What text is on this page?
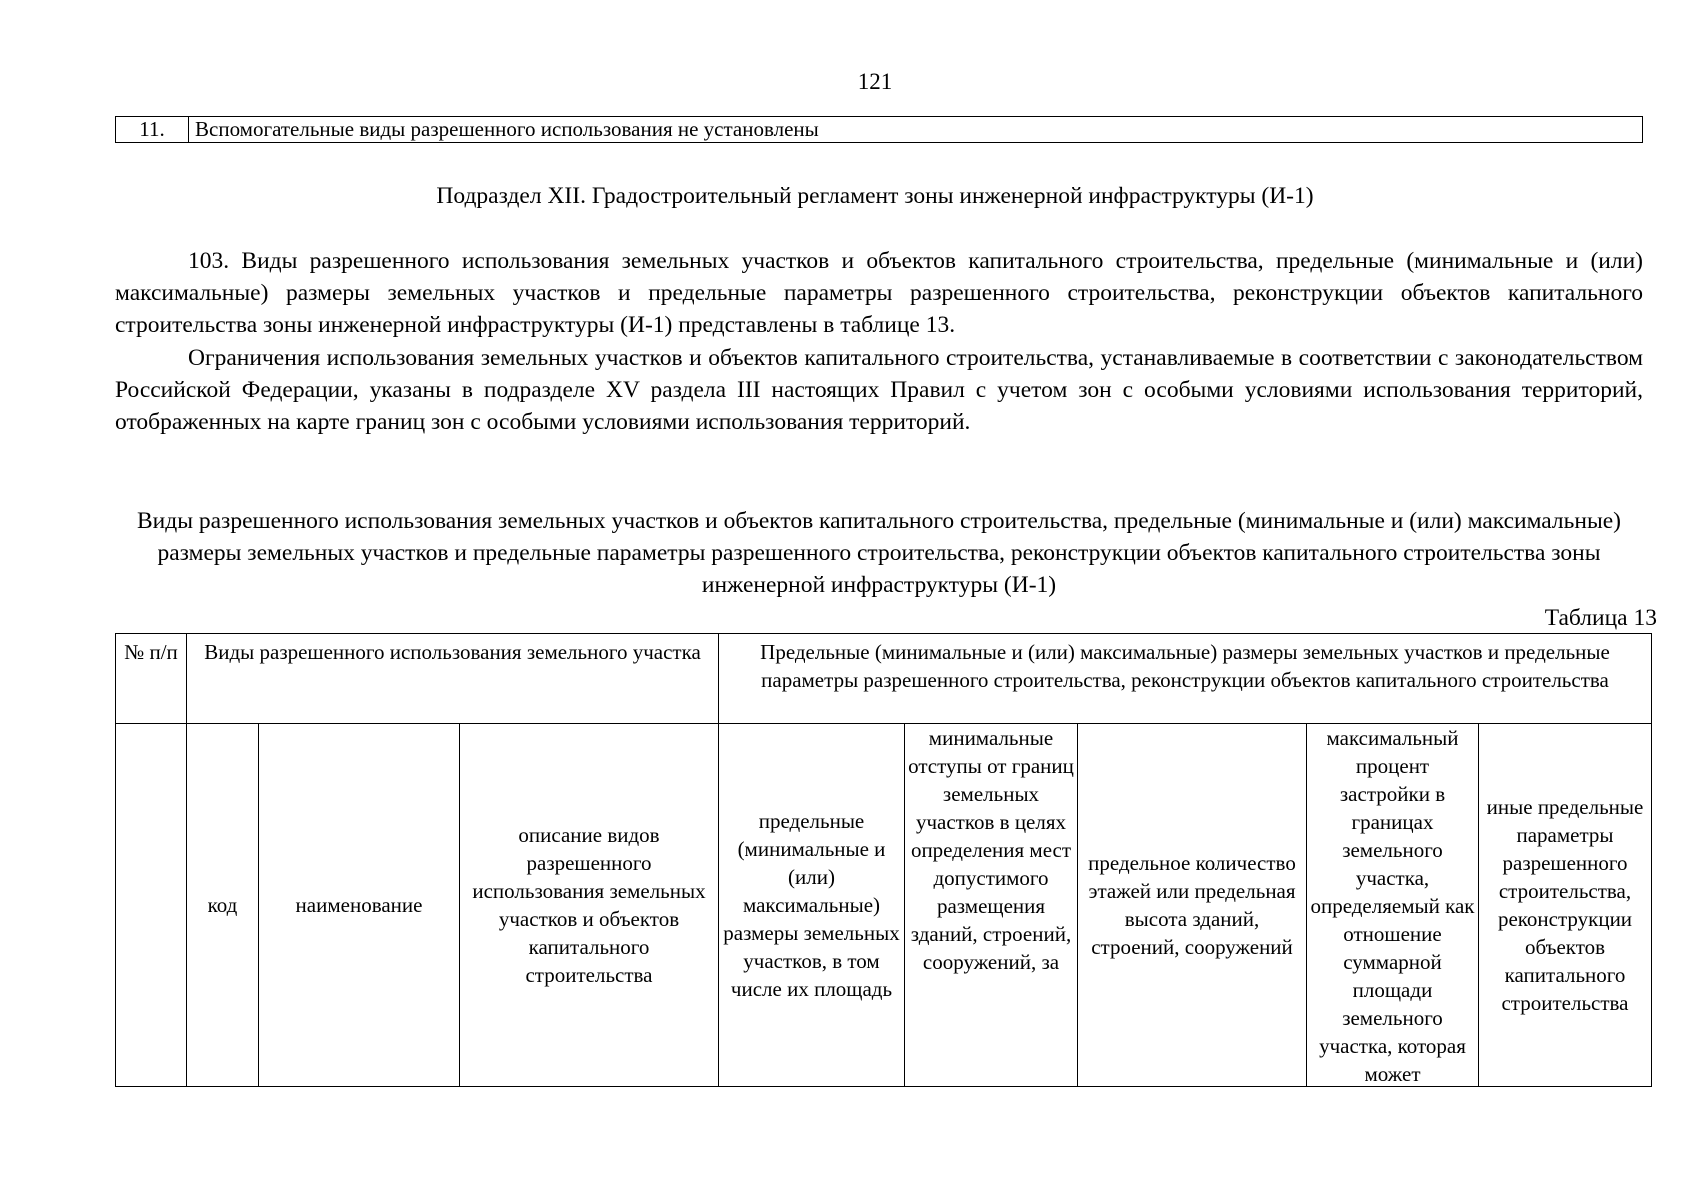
121
11.	Вспомогательные виды разрешенного использования не установлены
Подраздел XII. Градостроительный регламент зоны инженерной инфраструктуры (И-1)
103. Виды разрешенного использования земельных участков и объектов капитального строительства, предельные (минимальные и (или) максимальные) размеры земельных участков и предельные параметры разрешенного строительства, реконструкции объектов капитального строительства зоны инженерной инфраструктуры (И-1) представлены в таблице 13.
Ограничения использования земельных участков и объектов капитального строительства, устанавливаемые в соответствии с законодательством Российской Федерации, указаны в подразделе XV раздела III настоящих Правил с учетом зон с особыми условиями использования территорий, отображенных на карте границ зон с особыми условиями использования территорий.
Виды разрешенного использования земельных участков и объектов капитального строительства, предельные (минимальные и (или) максимальные) размеры земельных участков и предельные параметры разрешенного строительства, реконструкции объектов капитального строительства зоны инженерной инфраструктуры (И-1)
Таблица 13
№ п/п	Виды разрешенного использования земельного участка			Предельные (минимальные и (или) максимальные) размеры земельных участков и предельные параметры разрешенного строительства, реконструкции объектов капитального строительства				
	код	наименование	описание видов разрешенного использования земельных участков и объектов капитального строительства	предельные (минимальные и (или) максимальные) размеры земельных участков, в том числе их площадь	минимальные отступы от границ земельных участков в целях определения мест допустимого размещения зданий, строений, сооружений, за	предельное количество этажей или предельная высота зданий, строений, сооружений	максимальный процент застройки в границах земельного участка, определяемый как отношение суммарной площади земельного участка, которая может	иные предельные параметры разрешенного строительства, реконструкции объектов капитального строительства
